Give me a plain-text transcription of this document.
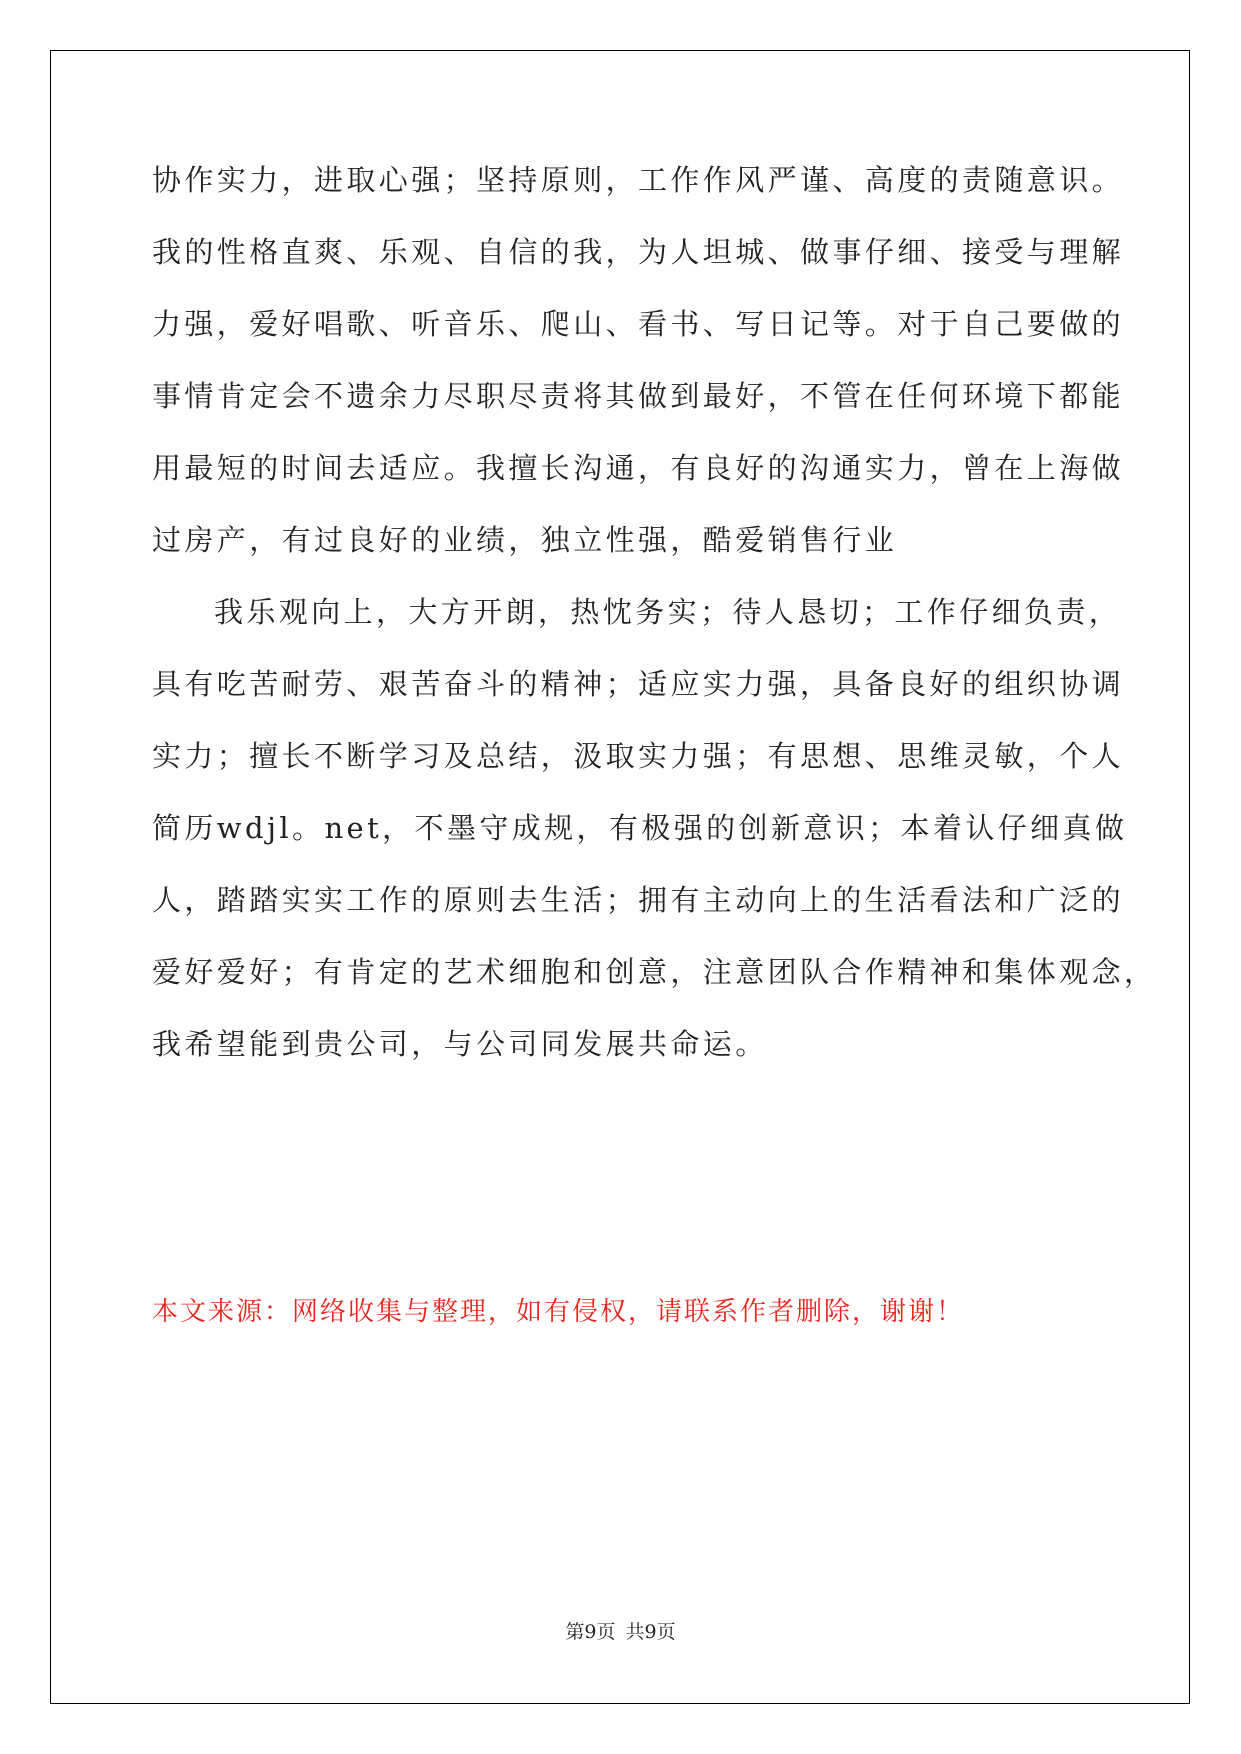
协作实力，进取心强；坚持原则，工作作风严谨、高度的责随意识。
我的性格直爽、乐观、自信的我，为人坦城、做事仔细、接受与理解
力强，爱好唱歌、听音乐、爬山、看书、写日记等。对于自己要做的
事情肯定会不遗余力尽职尽责将其做到最好，不管在任何环境下都能
用最短的时间去适应。我擅长沟通，有良好的沟通实力，曾在上海做
过房产，有过良好的业绩，独立性强，酷爱销售行业
我乐观向上，大方开朗，热忱务实；待人恳切；工作仔细负责，
具有吃苦耐劳、艰苦奋斗的精神；适应实力强，具备良好的组织协调
实力；擅长不断学习及总结，汲取实力强；有思想、思维灵敏，个人
简历wdjl。net，不墨守成规，有极强的创新意识；本着认仔细真做
人，踏踏实实工作的原则去生活；拥有主动向上的生活看法和广泛的
爱好爱好；有肯定的艺术细胞和创意，注意团队合作精神和集体观念，
我希望能到贵公司，与公司同发展共命运。
本文来源：网络收集与整理，如有侵权，请联系作者删除，谢谢！
第9页 共9页
